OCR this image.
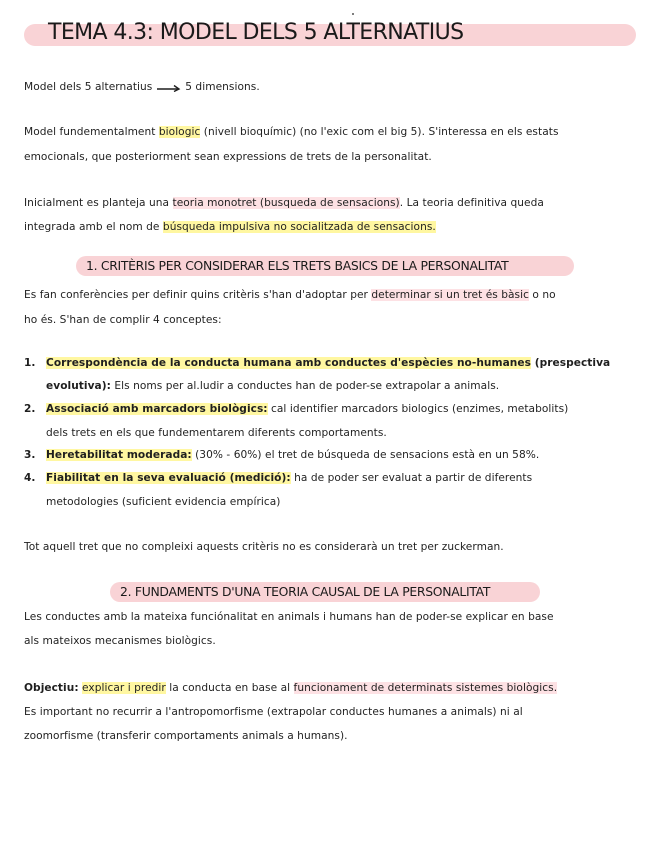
TEMA 4.3: MODEL DELS 5 ALTERNATIUS
Model dels 5 alternatius	5 dimensions.
Model fundementalment biologic (nivell bioquímic) (no l'exic com el big 5). S'interessa en els estats
emocionals, que posteriorment sean expressions de trets de la personalitat.
Inicialment es planteja una teoria monotret (busqueda de sensacions). La teoria definitiva queda
integrada amb el nom de búsqueda impulsiva no socialitzada de sensacions.
1. CRITÈRIS PER CONSIDERAR ELS TRETS BASICS DE LA PERSONALITAT
Es fan conferències per definir quins critèris s'han d'adoptar per determinar si un tret és bàsic o no
ho és. S'han de complir 4 conceptes:
1. Correspondència de la conducta humana amb conductes d'espècies no-humanes (prespectiva
evolutiva): Els noms per al.ludir a conductes han de poder-se extrapolar a animals.
2. Associació amb marcadors biològics: cal identifier marcadors biologics (enzimes, metabolits)
dels trets en els que fundementarem diferents comportaments.
3. Heretabilitat moderada: (30% - 60%) el tret de búsqueda de sensacions està en un 58%.
4. Fiabilitat en la seva evaluació (medició): ha de poder ser evaluat a partir de diferents
metodologies (suficient evidencia empírica)
Tot aquell tret que no compleixi aquests critèris no es considerarà un tret per zuckerman.
2. FUNDAMENTS D'UNA TEORIA CAUSAL DE LA PERSONALITAT
Les conductes amb la mateixa funciónalitat en animals i humans han de poder-se explicar en base
als mateixos mecanismes biològics.
Objectiu: explicar i predir la conducta en base al funcionament de determinats sistemes biològics.
Es important no recurrir a l'antropomorfisme (extrapolar conductes humanes a animals) ni al
zoomorfisme (transferir comportaments animals a humans).
